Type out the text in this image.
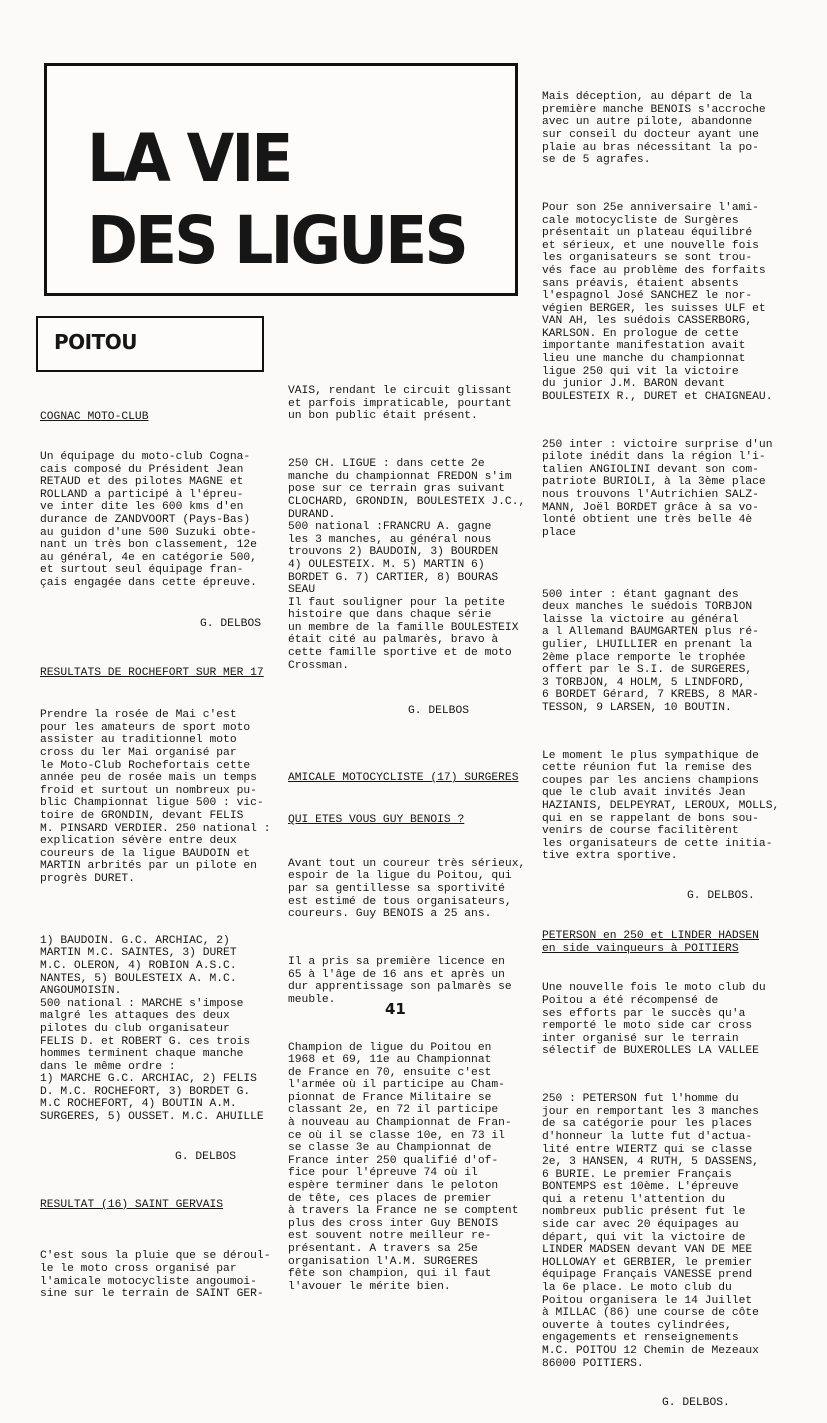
LA VIE
DES LIGUES
POITOU

COGNAC MOTO-CLUB

Un équipage du moto-club Cogna-
cais composé du Président Jean
RETAUD et des pilotes MAGNE et
ROLLAND a participé à l'épreu-
ve inter dite les 600 kms d'en
durance de ZANDVOORT (Pays-Bas)
au guidon d'une 500 Suzuki obte-
nant un très bon classement, 12e
au général, 4e en catégorie 500,
et surtout seul équipage fran-
çais engagée dans cette épreuve.

G. DELBOS

RESULTATS DE ROCHEFORT SUR MER 17

Prendre la rosée de Mai c'est
pour les amateurs de sport moto
assister au traditionnel moto
cross du ler Mai organisé par
le Moto-Club Rochefortais cette
année peu de rosée mais un temps
froid et surtout un nombreux pu-
blic Championnat ligue 500 : vic-
toire de GRONDIN, devant FELIS
M. PINSARD VERDIER. 250 national :
explication sévère entre deux
coureurs de la ligue BAUDOIN et
MARTIN arbrités par un pilote en
progrès DURET.

1) BAUDOIN. G.C. ARCHIAC, 2)
MARTIN M.C. SAINTES, 3) DURET
M.C. OLERON, 4) ROBION A.S.C.
NANTES, 5) BOULESTEIX A. M.C.
ANGOUMOISIN.
500 national : MARCHE s'impose
malgré les attaques des deux
pilotes du club organisateur
FELIS D. et ROBERT G. ces trois
hommes terminent chaque manche
dans le même ordre :
1) MARCHE G.C. ARCHIAC, 2) FELIS
D. M.C. ROCHEFORT, 3) BORDET G.
M.C ROCHEFORT, 4) BOUTIN A.M.
SURGERES, 5) OUSSET. M.C. AHUILLE

G. DELBOS

RESULTAT (16) SAINT GERVAIS

C'est sous la pluie que se déroul-
le le moto cross organisé par
l'amicale motocycliste angoumoi-
sine sur le terrain de SAINT GER-

VAIS, rendant le circuit glissant
et parfois impraticable, pourtant
un bon public était présent.

250 CH. LIGUE : dans cette 2e
manche du championnat FREDON s'im
pose sur ce terrain gras suivant
CLOCHARD, GRONDIN, BOULESTEIX J.C.,
DURAND.
500 national :FRANCRU A. gagne
les 3 manches, au général nous
trouvons 2) BAUDOIN, 3) BOURDEN
4) OULESTEIX. M. 5) MARTIN 6)
BORDET G. 7) CARTIER, 8) BOURAS
SEAU
Il faut souligner pour la petite
histoire que dans chaque série
un membre de la famille BOULESTEIX
était cité au palmarès, bravo à
cette famille sportive et de moto
Crossman.

G. DELBOS

AMICALE MOTOCYCLISTE (17) SURGERES

QUI ETES VOUS GUY BENOIS ?

Avant tout un coureur très sérieux,
espoir de la ligue du Poitou, qui
par sa gentillesse sa sportivité
est estimé de tous organisateurs,
coureurs. Guy BENOIS a 25 ans.

Il a pris sa première licence en
65 à l'âge de 16 ans et après un
dur apprentissage son palmarès se
meuble.

Champion de ligue du Poitou en
1968 et 69, 11e au Championnat
de France en 70, ensuite c'est
l'armée où il participe au Cham-
pionnat de France Militaire se
classant 2e, en 72 il participe
à nouveau au Championnat de Fran-
ce où il se classe 10e, en 73 il
se classe 3e au Championnat de
France inter 250 qualifié d'of-
fice pour l'épreuve 74 où il
espère terminer dans le peloton
de tête, ces places de premier
à travers la France ne se comptent
plus des cross inter Guy BENOIS
est souvent notre meilleur re-
présentant. A travers sa 25e
organisation l'A.M. SURGERES
fête son champion, qui il faut
l'avouer le mérite bien.

Mais déception, au départ de la
première manche BENOIS s'accroche
avec un autre pilote, abandonne
sur conseil du docteur ayant une
plaie au bras nécessitant la po-
se de 5 agrafes.

Pour son 25e anniversaire l'ami-
cale motocycliste de Surgères
présentait un plateau équilibré
et sérieux, et une nouvelle fois
les organisateurs se sont trou-
vés face au problème des forfaits
sans préavis, étaient absents
l'espagnol José SANCHEZ le nor-
végien BERGER, les suisses ULF et
VAN AH, les suédois CASSERBORG,
KARLSON. En prologue de cette
importante manifestation avait
lieu une manche du championnat
ligue 250 qui vit la victoire
du junior J.M. BARON devant
BOULESTEIX R., DURET et CHAIGNEAU.

250 inter : victoire surprise d'un
pilote inédit dans la région l'i-
talien ANGIOLINI devant son com-
patriote BURIOLI, à la 3ème place
nous trouvons l'Autrichien SALZ-
MANN, Joël BORDET grâce à sa vo-
lonté obtient une très belle 4è
place

500 inter : étant gagnant des
deux manches le suédois TORBJON
laisse la victoire au général
a l Allemand BAUMGARTEN plus ré-
gulier, LHUILLIER en prenant la
2ème place remporte le trophée
offert par le S.I. de SURGERES,
3 TORBJON, 4 HOLM, 5 LINDFORD,
6 BORDET Gérard, 7 KREBS, 8 MAR-
TESSON, 9 LARSEN, 10 BOUTIN.

Le moment le plus sympathique de
cette réunion fut la remise des
coupes par les anciens champions
que le club avait invités Jean
HAZIANIS, DELPEYRAT, LEROUX, MOLLS,
qui en se rappelant de bons sou-
venirs de course facilitèrent
les organisateurs de cette initia-
tive extra sportive.

G. DELBOS.

PETERSON en 250 et LINDER HADSEN
en side vainqueurs à POITIERS

Une nouvelle fois le moto club du
Poitou a été récompensé de
ses efforts par le succès qu'a
remporté le moto side car cross
inter organisé sur le terrain
sélectif de BUXEROLLES LA VALLEE

250 : PETERSON fut l'homme du
jour en remportant les 3 manches
de sa catégorie pour les places
d'honneur la lutte fut d'actua-
lité entre WIERTZ qui se classe
2e, 3 HANSEN, 4 RUTH, 5 DASSENS,
6 BURIE. Le premier Français
BONTEMPS est 10ème. L'épreuve
qui a retenu l'attention du
nombreux public présent fut le
side car avec 20 équipages au
départ, qui vit la victoire de
LINDER MADSEN devant VAN DE MEE
HOLLOWAY et GERBIER, le premier
équipage Français VANESSE prend
la 6e place. Le moto club du
Poitou organisera le 14 Juillet
à MILLAC (86) une course de côte
ouverte à toutes cylindrées,
engagements et renseignements
M.C. POITOU 12 Chemin de Mezeaux
86000 POITIERS.

G. DELBOS.

41
